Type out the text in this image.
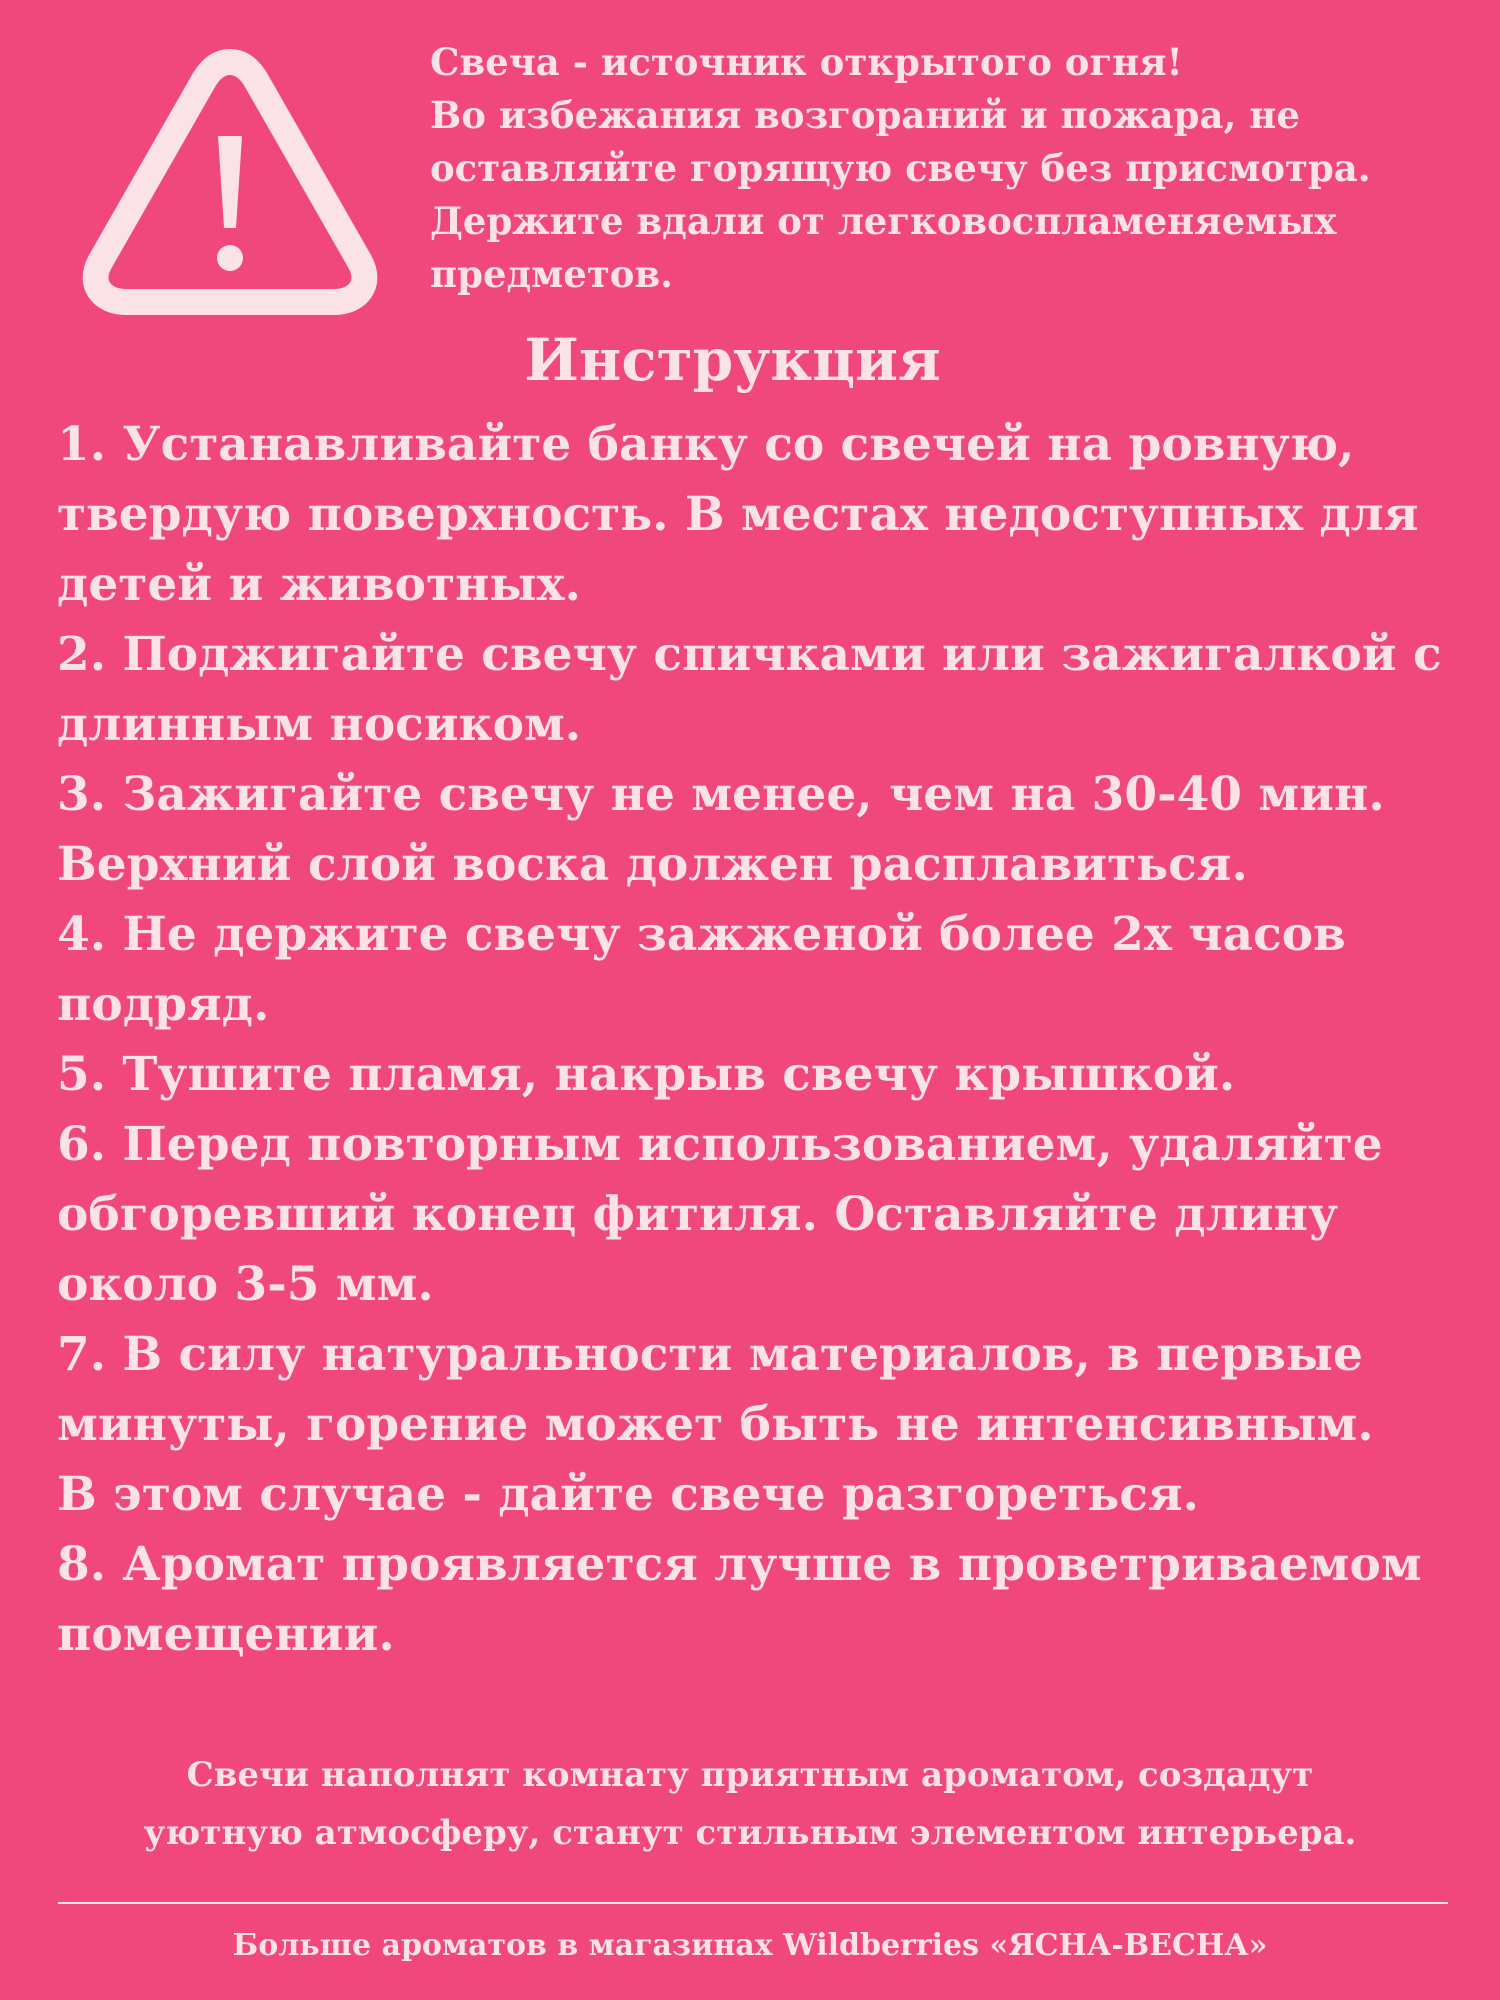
Свеча - источник открытого огня!
Во избежания возгораний и пожара, не
оставляйте горящую свечу без присмотра.
Держите вдали от легковоспламеняемых
предметов.
Инструкция
1. Устанавливайте банку со свечей на ровную,
твердую поверхность. В местах недоступных для
детей и животных.
2. Поджигайте свечу спичками или зажигалкой с
длинным носиком.
3. Зажигайте свечу не менее, чем на 30-40 мин.
Верхний слой воска должен расплавиться.
4. Не держите свечу зажженой более 2х часов
подряд.
5. Тушите пламя, накрыв свечу крышкой.
6. Перед повторным использованием, удаляйте
обгоревший конец фитиля. Оставляйте длину
около 3-5 мм.
7. В силу натуральности материалов, в первые
минуты, горение может быть не интенсивным.
В этом случае - дайте свече разгореться.
8. Аромат проявляется лучше в проветриваемом
помещении.
Свечи наполнят комнату приятным ароматом, создадут
уютную атмосферу, станут стильным элементом интерьера.
Больше ароматов в магазинах Wildberries «ЯСНА-ВЕСНА»
